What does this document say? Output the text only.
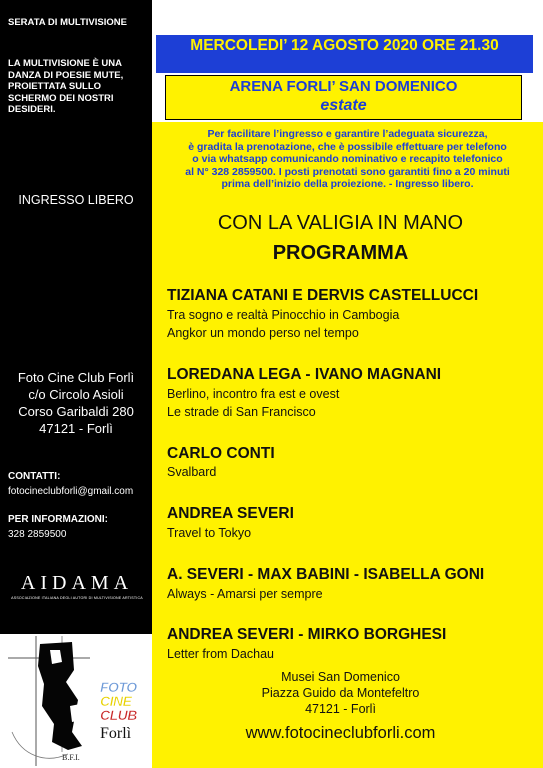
SERATA DI MULTIVISIONE
LA MULTIVISIONE È UNA
DANZA DI POESIE MUTE,
PROIETTATA SULLO
SCHERMO DEI NOSTRI
DESIDERI.
INGRESSO LIBERO
Foto Cine Club Forlì
c/o Circolo Asioli
Corso Garibaldi 280
47121 - Forlì
CONTATTI:
fotocineclubforli@gmail.com
PER INFORMAZIONI:
328 2859500
AIDAMA
ASSOCIAZIONE ITALIANA DEGLI AUTORI DI MULTIVISIONE ARTISTICA
FOTO
CINE
CLUB
Forlì
B.F.I.
MERCOLEDI’ 12 AGOSTO 2020 ORE 21.30
ARENA FORLI’ SAN DOMENICO
estate
Per facilitare l’ingresso e garantire l’adeguata sicurezza,
è gradita la prenotazione, che è possibile effettuare per telefono
o via whatsapp comunicando nominativo e recapito telefonico
al N° 328 2859500. I posti prenotati sono garantiti fino a 20 minuti
prima dell’inizio della proiezione. - Ingresso libero.
CON LA VALIGIA IN MANO
PROGRAMMA
TIZIANA CATANI E DERVIS CASTELLUCCI
Tra sogno e realtà Pinocchio in Cambogia
Angkor un mondo perso nel tempo
LOREDANA LEGA - IVANO MAGNANI
Berlino, incontro fra est e ovest
Le strade di San Francisco
CARLO CONTI
Svalbard
ANDREA SEVERI
Travel to Tokyo
A. SEVERI - MAX BABINI - ISABELLA GONI
Always - Amarsi per sempre
ANDREA SEVERI - MIRKO BORGHESI
Letter from Dachau
Musei San Domenico
Piazza Guido da Montefeltro
47121 - Forlì
www.fotocineclubforli.com
